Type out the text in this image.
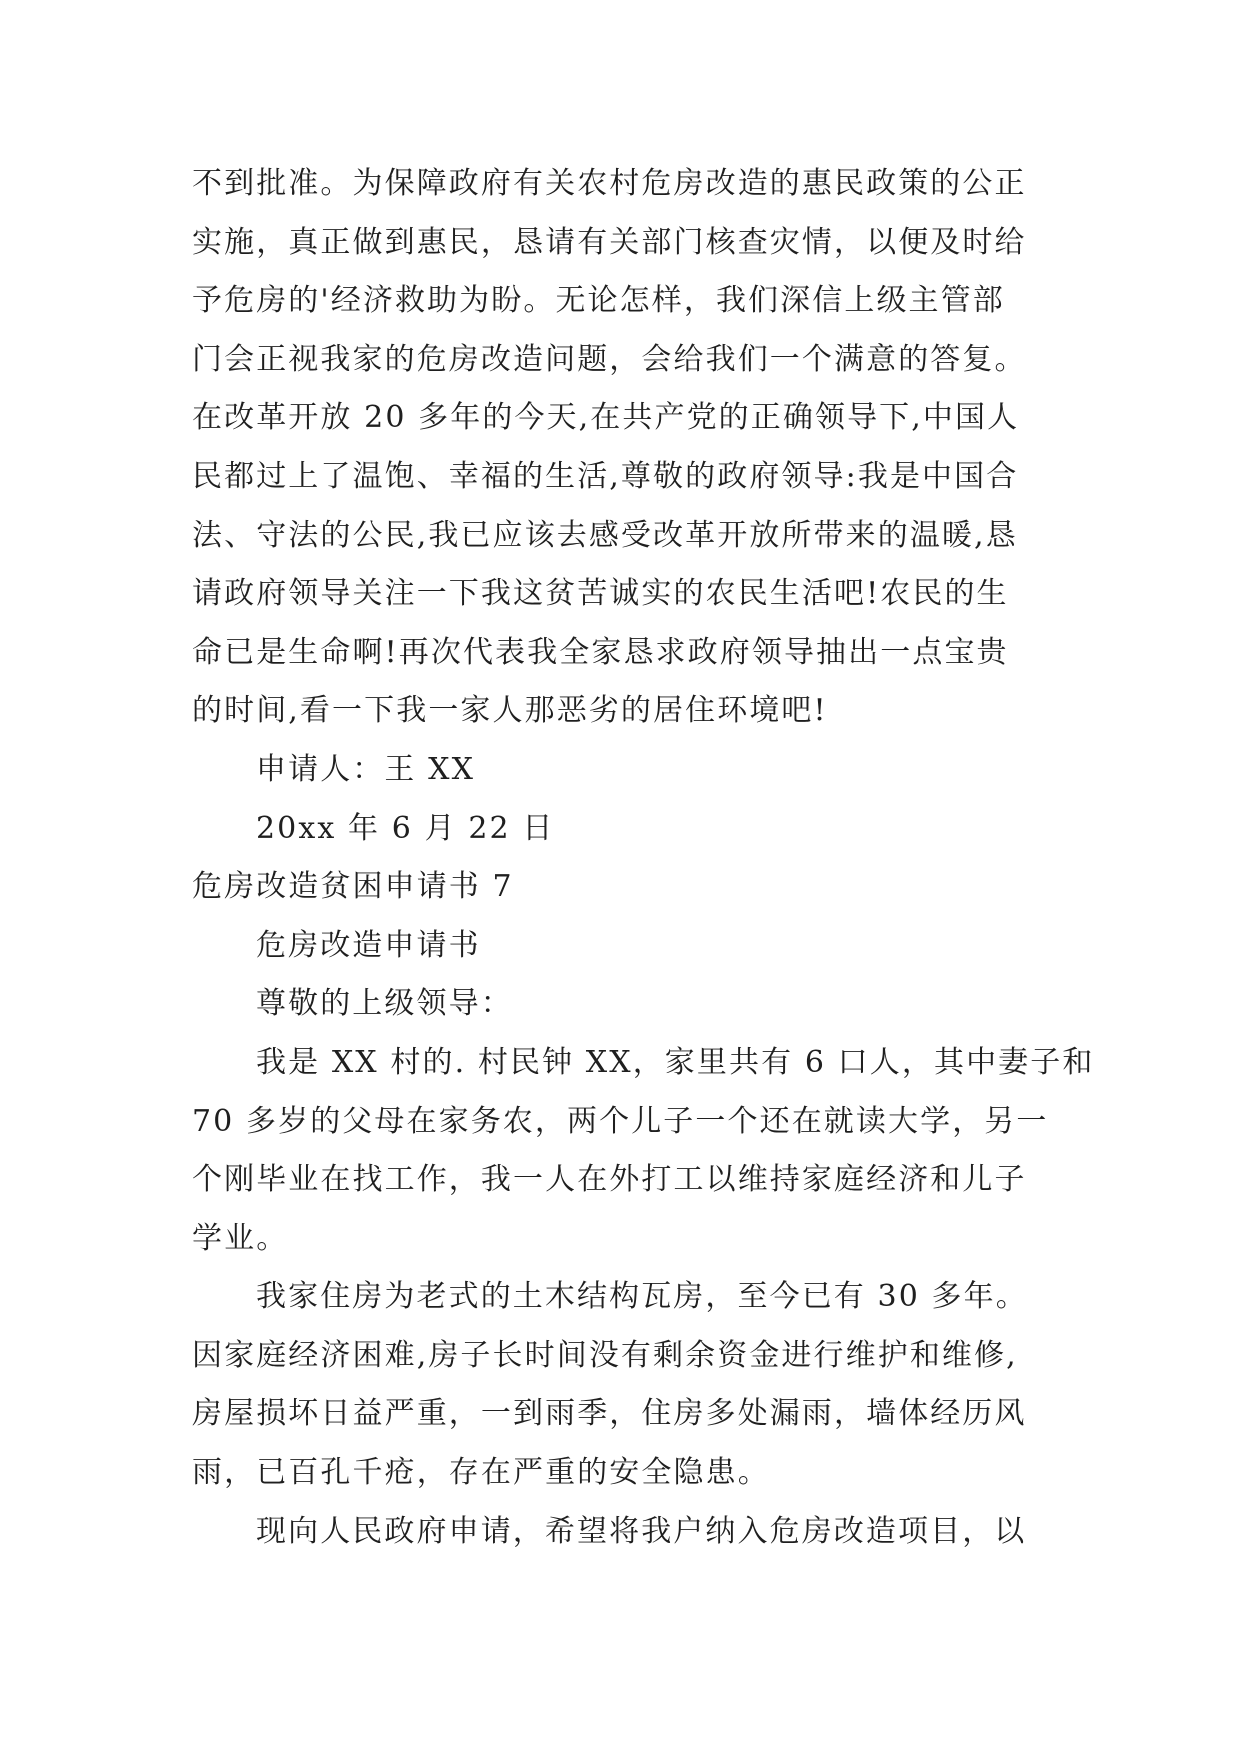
不到批准。为保障政府有关农村危房改造的惠民政策的公正
实施，真正做到惠民，恳请有关部门核查灾情，以便及时给
予危房的'经济救助为盼。无论怎样，我们深信上级主管部
门会正视我家的危房改造问题，会给我们一个满意的答复。
在改革开放 20 多年的今天,在共产党的正确领导下,中国人
民都过上了温饱、幸福的生活,尊敬的政府领导:我是中国合
法、守法的公民,我已应该去感受改革开放所带来的温暖,恳
请政府领导关注一下我这贫苦诚实的农民生活吧!农民的生
命已是生命啊!再次代表我全家恳求政府领导抽出一点宝贵
的时间,看一下我一家人那恶劣的居住环境吧!
申请人：王 XX
20xx 年 6 月 22 日
危房改造贫困申请书 7
危房改造申请书
尊敬的上级领导：
我是 XX 村的. 村民钟 XX，家里共有 6 口人，其中妻子和
70 多岁的父母在家务农，两个儿子一个还在就读大学，另一
个刚毕业在找工作，我一人在外打工以维持家庭经济和儿子
学业。
我家住房为老式的土木结构瓦房，至今已有 30 多年。
因家庭经济困难,房子长时间没有剩余资金进行维护和维修,
房屋损坏日益严重，一到雨季，住房多处漏雨，墙体经历风
雨，已百孔千疮，存在严重的安全隐患。
现向人民政府申请，希望将我户纳入危房改造项目，以
